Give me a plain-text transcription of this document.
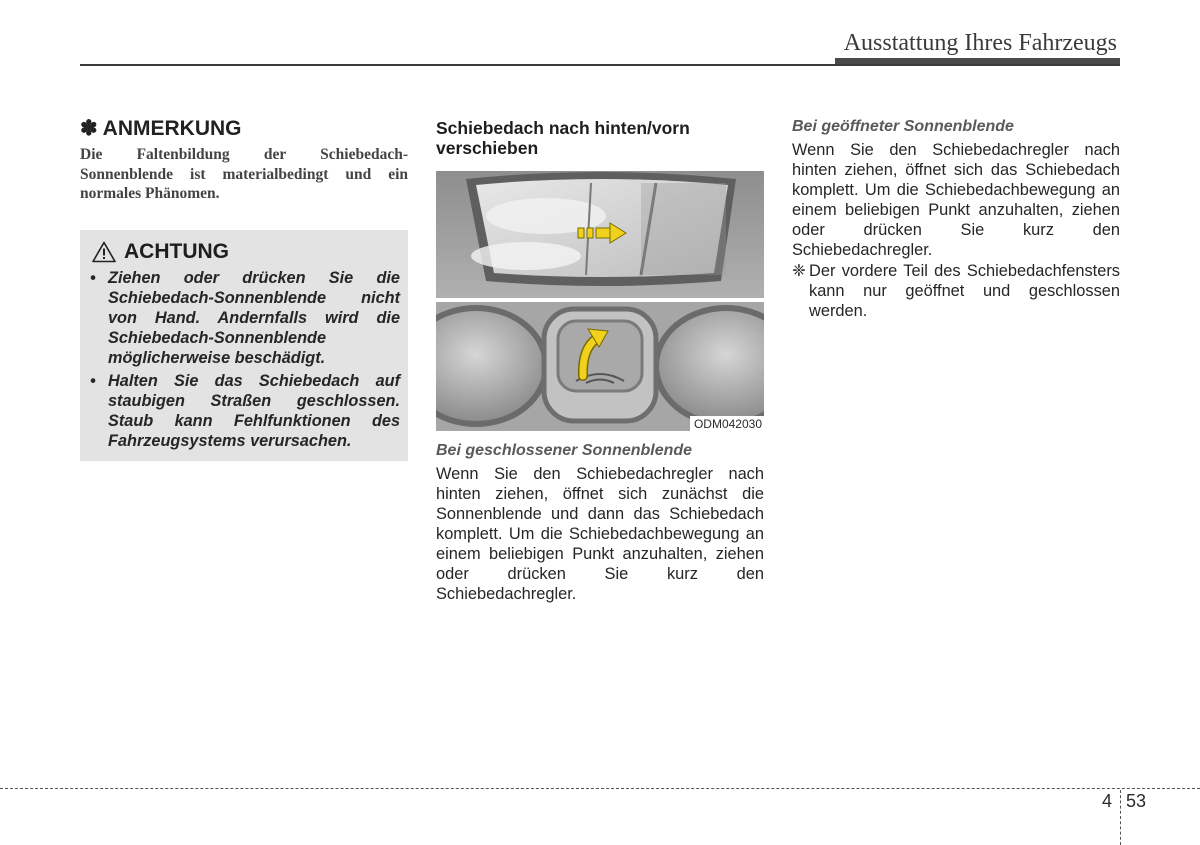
Ausstattung Ihres Fahrzeugs
✽ ANMERKUNG
Die Faltenbildung der Schiebedach-Sonnenblende ist materialbedingt und ein normales Phänomen.
ACHTUNG
• Ziehen oder drücken Sie die Schiebedach-Sonnenblende nicht von Hand. Andernfalls wird die Schiebedach-Sonnenblende möglicherweise beschädigt.
• Halten Sie das Schiebedach auf staubigen Straßen geschlossen. Staub kann Fehlfunktionen des Fahrzeugsystems verursachen.
Schiebedach nach hinten/vorn verschieben
ODM042030
Bei geschlossener Sonnenblende
Wenn Sie den Schiebedachregler nach hinten ziehen, öffnet sich zunächst die Sonnenblende und dann das Schiebedach komplett. Um die Schiebedachbewegung an einem beliebigen Punkt anzuhalten, ziehen oder drücken Sie kurz den Schiebedachregler.
Bei geöffneter Sonnenblende
Wenn Sie den Schiebedachregler nach hinten ziehen, öffnet sich das Schiebedach komplett. Um die Schiebedachbewegung an einem beliebigen Punkt anzuhalten, ziehen oder drücken Sie kurz den Schiebedachregler.
❈ Der vordere Teil des Schiebedachfensters kann nur geöffnet und geschlossen werden.
4 53
